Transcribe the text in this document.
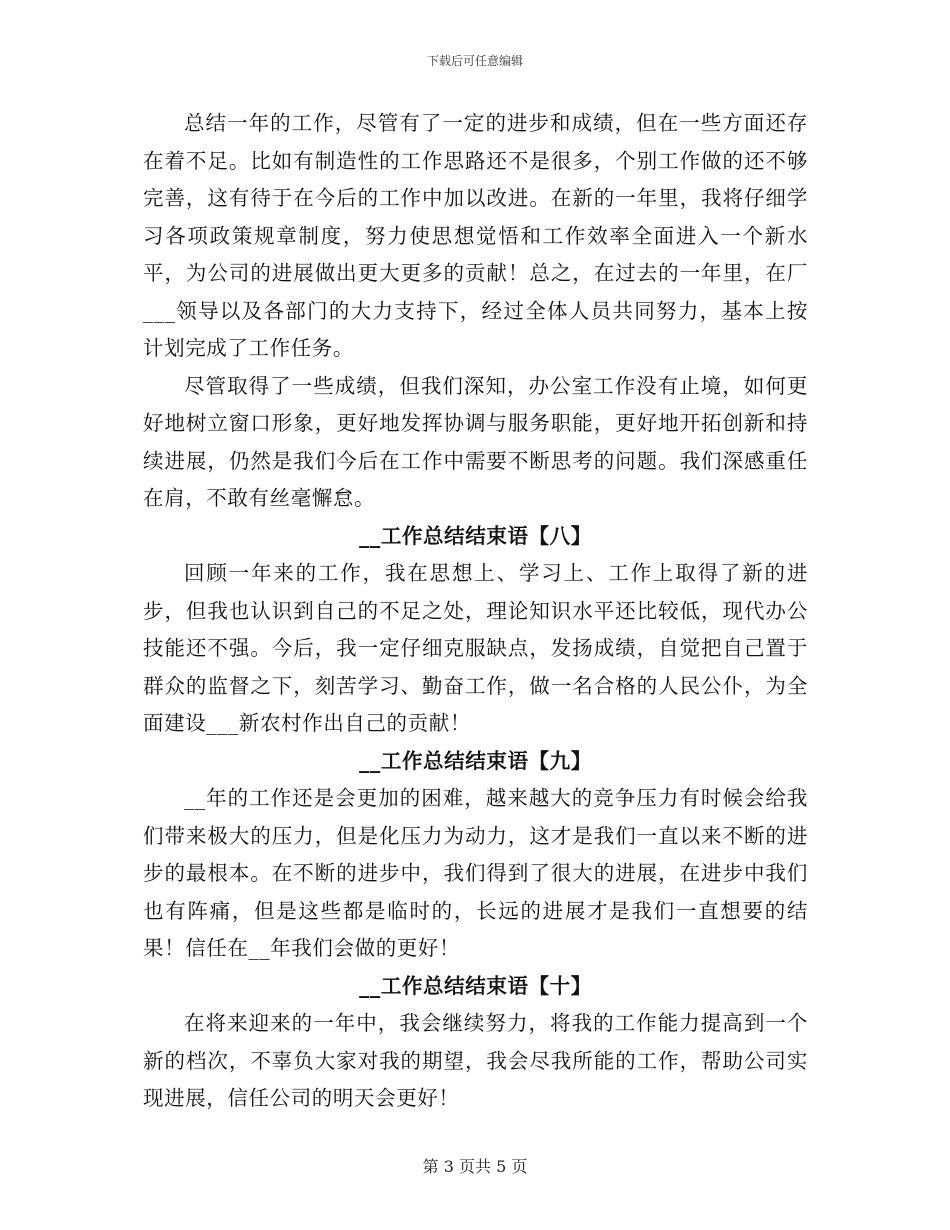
下载后可任意编辑

总结一年的工作，尽管有了一定的进步和成绩，但在一些方面还存在着不足。比如有制造性的工作思路还不是很多，个别工作做的还不够完善，这有待于在今后的工作中加以改进。在新的一年里，我将仔细学习各项政策规章制度，努力使思想觉悟和工作效率全面进入一个新水平，为公司的进展做出更大更多的贡献！总之，在过去的一年里，在厂___领导以及各部门的大力支持下，经过全体人员共同努力，基本上按计划完成了工作任务。

尽管取得了一些成绩，但我们深知，办公室工作没有止境，如何更好地树立窗口形象，更好地发挥协调与服务职能，更好地开拓创新和持续进展，仍然是我们今后在工作中需要不断思考的问题。我们深感重任在肩，不敢有丝毫懈怠。

__工作总结结束语【八】

回顾一年来的工作，我在思想上、学习上、工作上取得了新的进步，但我也认识到自己的不足之处，理论知识水平还比较低，现代办公技能还不强。今后，我一定仔细克服缺点，发扬成绩，自觉把自己置于群众的监督之下，刻苦学习、勤奋工作，做一名合格的人民公仆，为全面建设___新农村作出自己的贡献！

__工作总结结束语【九】

__年的工作还是会更加的困难，越来越大的竞争压力有时候会给我们带来极大的压力，但是化压力为动力，这才是我们一直以来不断的进步的最根本。在不断的进步中，我们得到了很大的进展，在进步中我们也有阵痛，但是这些都是临时的，长远的进展才是我们一直想要的结果！信任在__年我们会做的更好！

__工作总结结束语【十】

在将来迎来的一年中，我会继续努力，将我的工作能力提高到一个新的档次，不辜负大家对我的期望，我会尽我所能的工作，帮助公司实现进展，信任公司的明天会更好！

第 3 页共 5 页
